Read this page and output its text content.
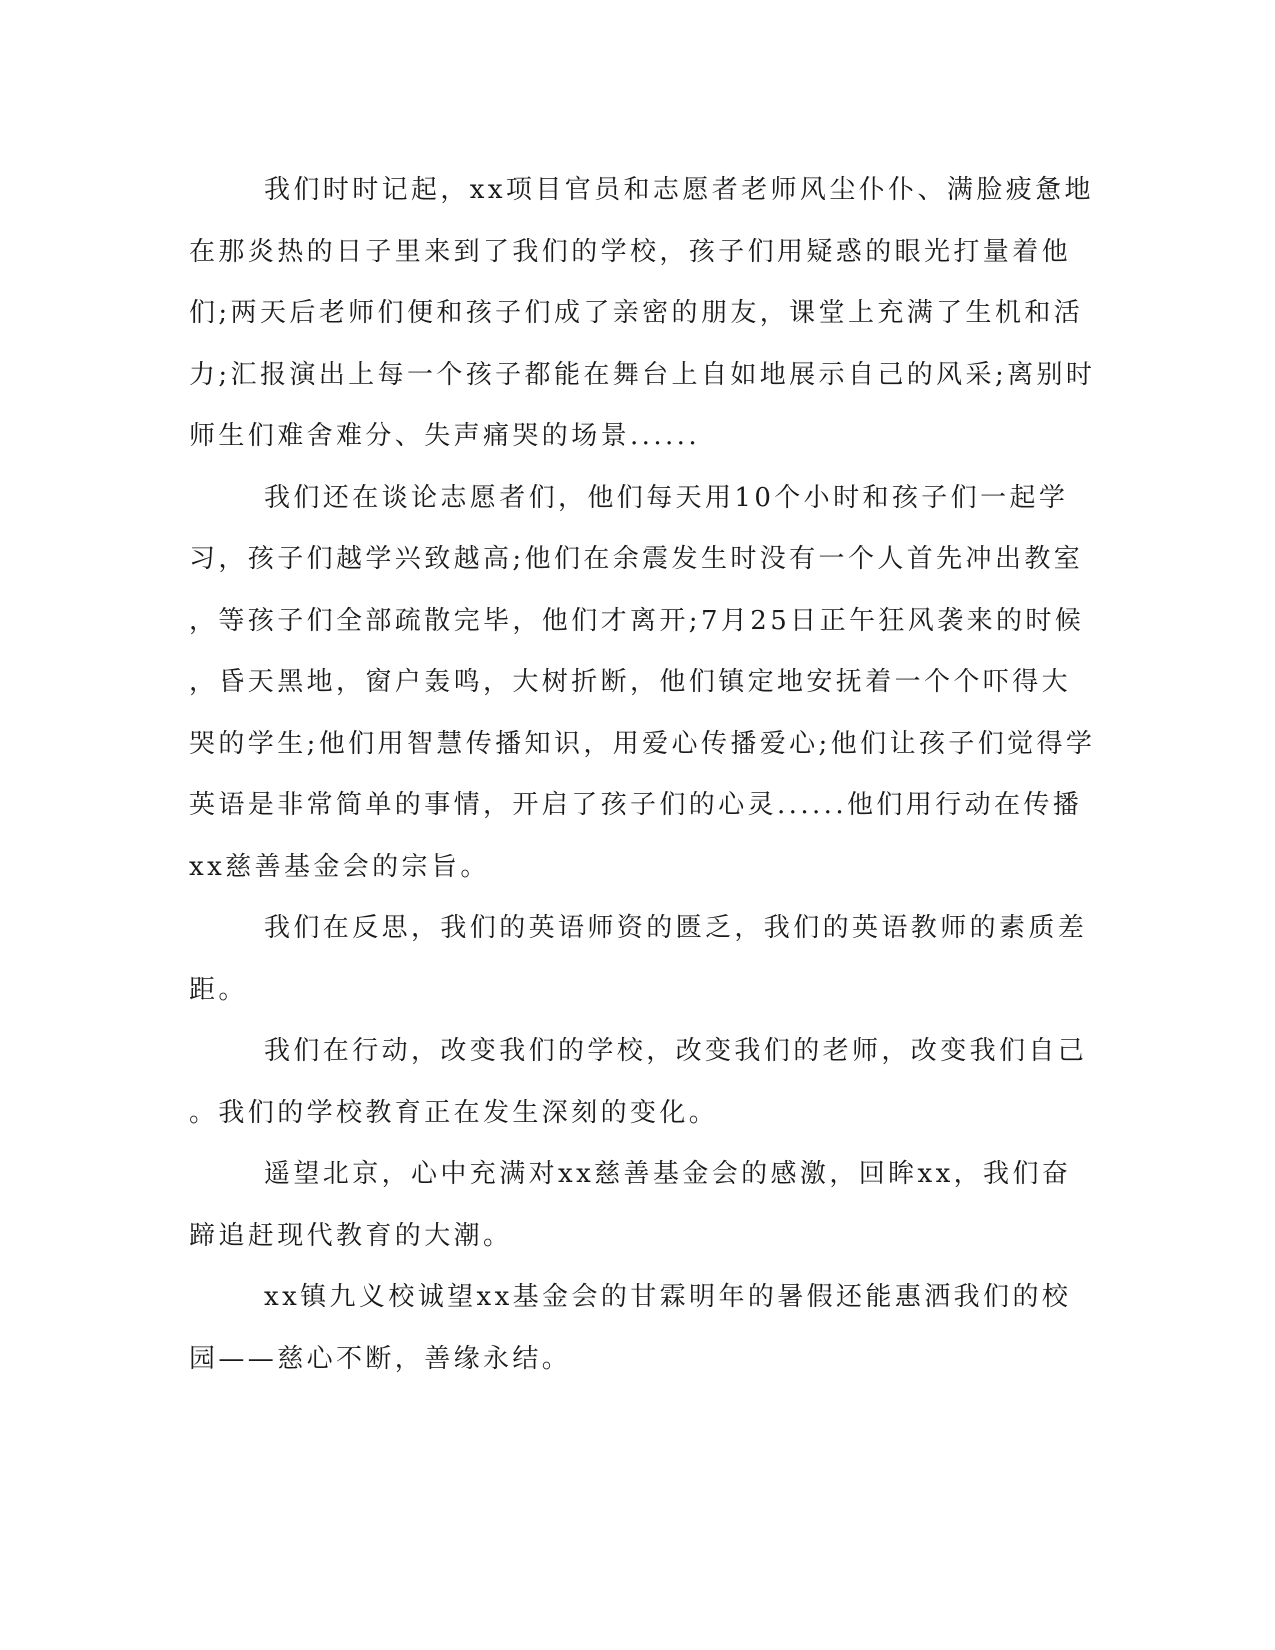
我们时时记起，xx项目官员和志愿者老师风尘仆仆、满脸疲惫地
在那炎热的日子里来到了我们的学校，孩子们用疑惑的眼光打量着他
们;两天后老师们便和孩子们成了亲密的朋友，课堂上充满了生机和活
力;汇报演出上每一个孩子都能在舞台上自如地展示自己的风采;离别时
师生们难舍难分、失声痛哭的场景......
我们还在谈论志愿者们，他们每天用10个小时和孩子们一起学
习，孩子们越学兴致越高;他们在余震发生时没有一个人首先冲出教室
，等孩子们全部疏散完毕，他们才离开;7月25日正午狂风袭来的时候
，昏天黑地，窗户轰鸣，大树折断，他们镇定地安抚着一个个吓得大
哭的学生;他们用智慧传播知识，用爱心传播爱心;他们让孩子们觉得学
英语是非常简单的事情，开启了孩子们的心灵......他们用行动在传播
xx慈善基金会的宗旨。
我们在反思，我们的英语师资的匮乏，我们的英语教师的素质差
距。
我们在行动，改变我们的学校，改变我们的老师，改变我们自己
。我们的学校教育正在发生深刻的变化。
遥望北京，心中充满对xx慈善基金会的感激，回眸xx，我们奋
蹄追赶现代教育的大潮。
xx镇九义校诚望xx基金会的甘霖明年的暑假还能惠洒我们的校
园——慈心不断，善缘永结。
